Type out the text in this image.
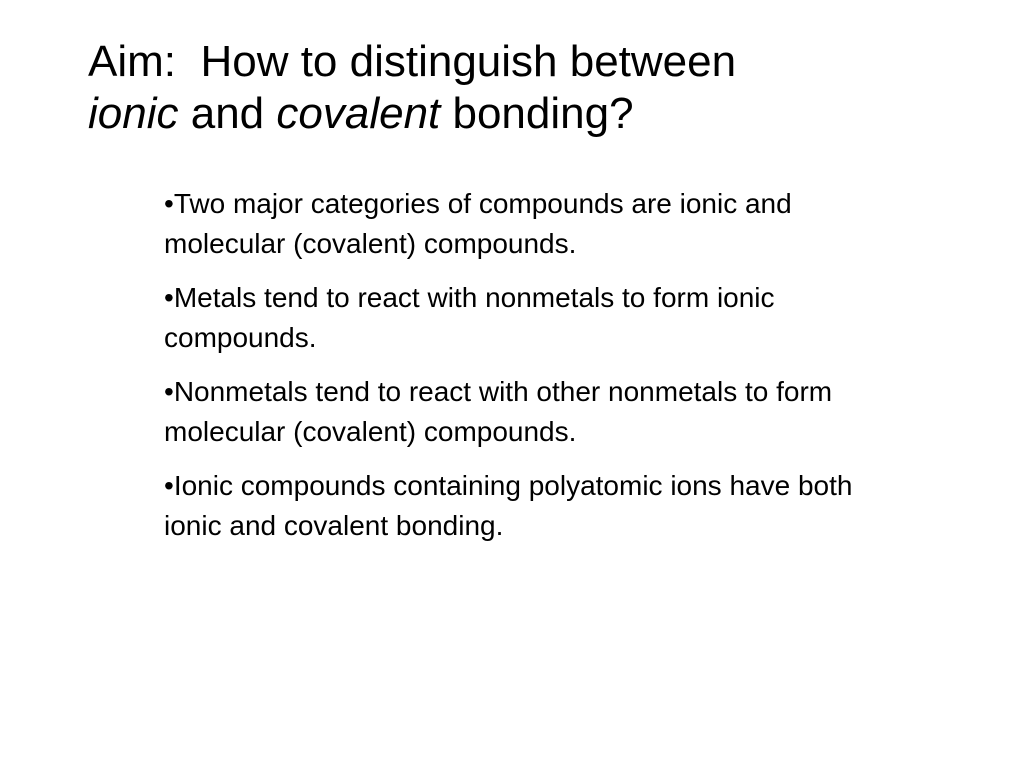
Aim:  How to distinguish between
ionic and covalent bonding?
•Two major categories of compounds are ionic and molecular (covalent) compounds.
•Metals tend to react with nonmetals to form ionic compounds.
•Nonmetals tend to react with other nonmetals to form molecular (covalent) compounds.
•Ionic compounds containing polyatomic ions have both ionic and covalent bonding.
